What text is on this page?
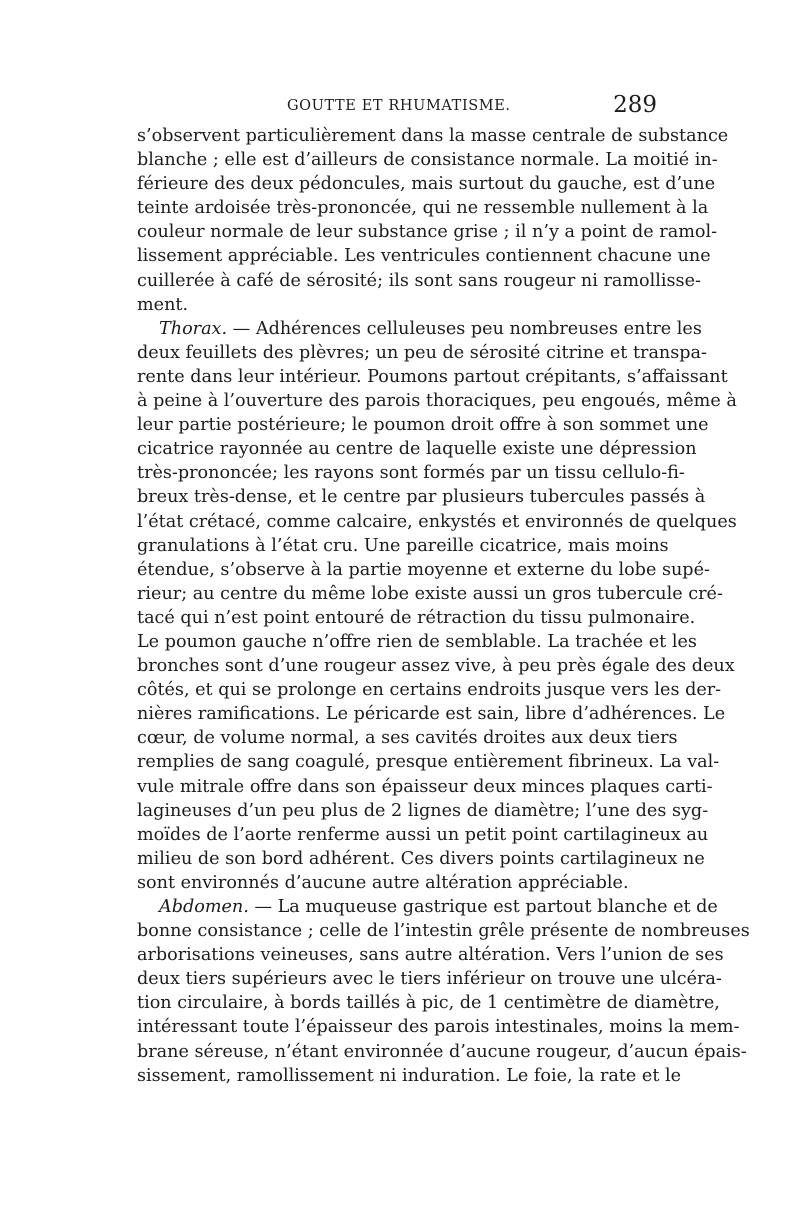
GOUTTE ET RHUMATISME.	289
s’observent particulièrement dans la masse centrale de substance
blanche ; elle est d’ailleurs de consistance normale. La moitié in-
férieure des deux pédoncules, mais surtout du gauche, est d’une
teinte ardoisée très-prononcée, qui ne ressemble nullement à la
couleur normale de leur substance grise ; il n’y a point de ramol-
lissement appréciable. Les ventricules contiennent chacune une
cuillerée à café de sérosité; ils sont sans rougeur ni ramollisse-
ment.
Thorax. — Adhérences celluleuses peu nombreuses entre les
deux feuillets des plèvres; un peu de sérosité citrine et transpa-
rente dans leur intérieur. Poumons partout crépitants, s’affaissant
à peine à l’ouverture des parois thoraciques, peu engoués, même à
leur partie postérieure; le poumon droit offre à son sommet une
cicatrice rayonnée au centre de laquelle existe une dépression
très-prononcée; les rayons sont formés par un tissu cellulo-fi-
breux très-dense, et le centre par plusieurs tubercules passés à
l’état crétacé, comme calcaire, enkystés et environnés de quelques
granulations à l’état cru. Une pareille cicatrice, mais moins
étendue, s’observe à la partie moyenne et externe du lobe supé-
rieur; au centre du même lobe existe aussi un gros tubercule cré-
tacé qui n’est point entouré de rétraction du tissu pulmonaire.
Le poumon gauche n’offre rien de semblable. La trachée et les
bronches sont d’une rougeur assez vive, à peu près égale des deux
côtés, et qui se prolonge en certains endroits jusque vers les der-
nières ramifications. Le péricarde est sain, libre d’adhérences. Le
cœur, de volume normal, a ses cavités droites aux deux tiers
remplies de sang coagulé, presque entièrement fibrineux. La val-
vule mitrale offre dans son épaisseur deux minces plaques carti-
lagineuses d’un peu plus de 2 lignes de diamètre; l’une des syg-
moïdes de l’aorte renferme aussi un petit point cartilagineux au
milieu de son bord adhérent. Ces divers points cartilagineux ne
sont environnés d’aucune autre altération appréciable.
Abdomen. — La muqueuse gastrique est partout blanche et de
bonne consistance ; celle de l’intestin grêle présente de nombreuses
arborisations veineuses, sans autre altération. Vers l’union de ses
deux tiers supérieurs avec le tiers inférieur on trouve une ulcéra-
tion circulaire, à bords taillés à pic, de 1 centimètre de diamètre,
intéressant toute l’épaisseur des parois intestinales, moins la mem-
brane séreuse, n’étant environnée d’aucune rougeur, d’aucun épais-
sissement, ramollissement ni induration. Le foie, la rate et le
